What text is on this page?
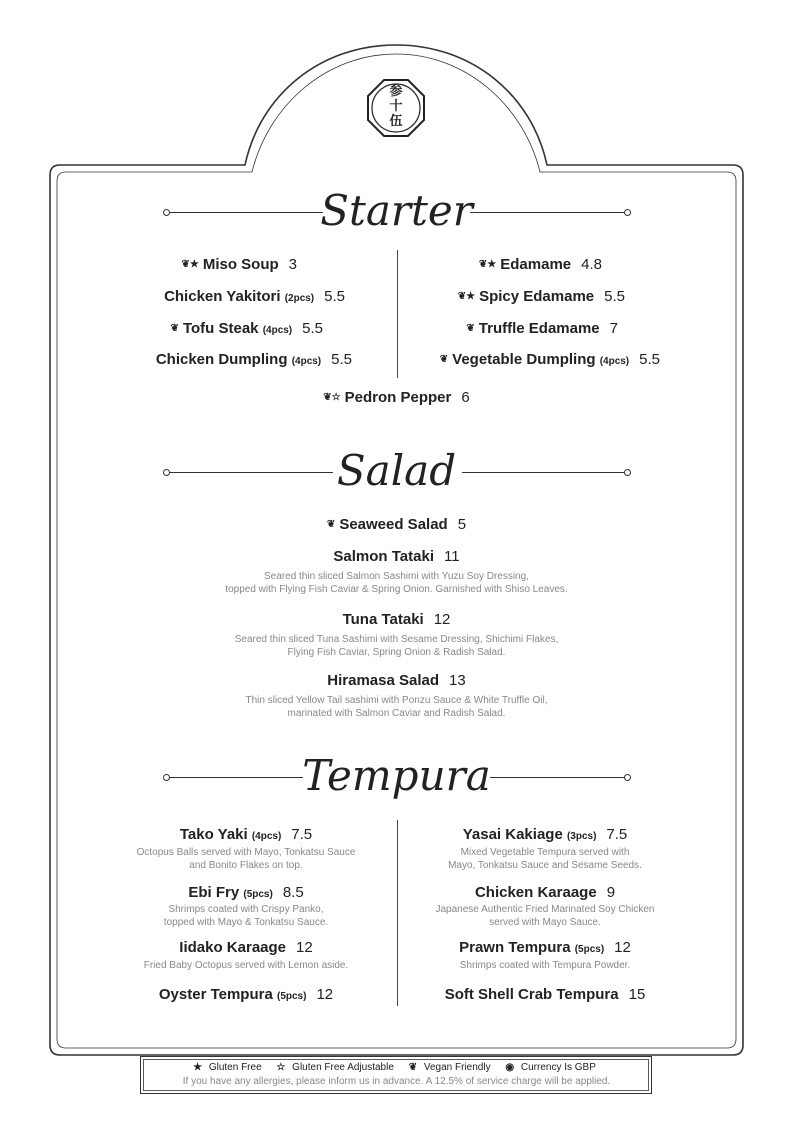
参
十
伍
Starter
❦★ Miso Soup 3
Chicken Yakitori (2pcs) 5.5
❦ Tofu Steak (4pcs) 5.5
Chicken Dumpling (4pcs) 5.5
❦★ Edamame 4.8
❦★ Spicy Edamame 5.5
❦ Truffle Edamame 7
❦ Vegetable Dumpling (4pcs) 5.5
❦☆ Pedron Pepper 6
Salad
❦ Seaweed Salad 5
Salmon Tataki 11
Seared thin sliced Salmon Sashimi with Yuzu Soy Dressing,
topped with Flying Fish Caviar & Spring Onion. Garnished with Shiso Leaves.
Tuna Tataki 12
Seared thin sliced Tuna Sashimi with Sesame Dressing, Shichimi Flakes,
Flying Fish Caviar, Spring Onion & Radish Salad.
Hiramasa Salad 13
Thin sliced Yellow Tail sashimi with Ponzu Sauce & White Truffle Oil,
marinated with Salmon Caviar and Radish Salad.
Tempura
Tako Yaki (4pcs) 7.5
Octopus Balls served with Mayo, Tonkatsu Sauce
and Bonito Flakes on top.
Ebi Fry (5pcs) 8.5
Shrimps coated with Crispy Panko,
topped with Mayo & Tonkatsu Sauce.
Iidako Karaage 12
Fried Baby Octopus served with Lemon aside.
Oyster Tempura (5pcs) 12
Yasai Kakiage (3pcs) 7.5
Mixed Vegetable Tempura served with
Mayo, Tonkatsu Sauce and Sesame Seeds.
Chicken Karaage 9
Japanese Authentic Fried Marinated Soy Chicken
served with Mayo Sauce.
Prawn Tempura (5pcs) 12
Shrimps coated with Tempura Powder.
Soft Shell Crab Tempura 15
★ Gluten Free ☆ Gluten Free Adjustable ❦ Vegan Friendly ◉ Currency Is GBP
If you have any allergies, please inform us in advance. A 12.5% of service charge will be applied.
